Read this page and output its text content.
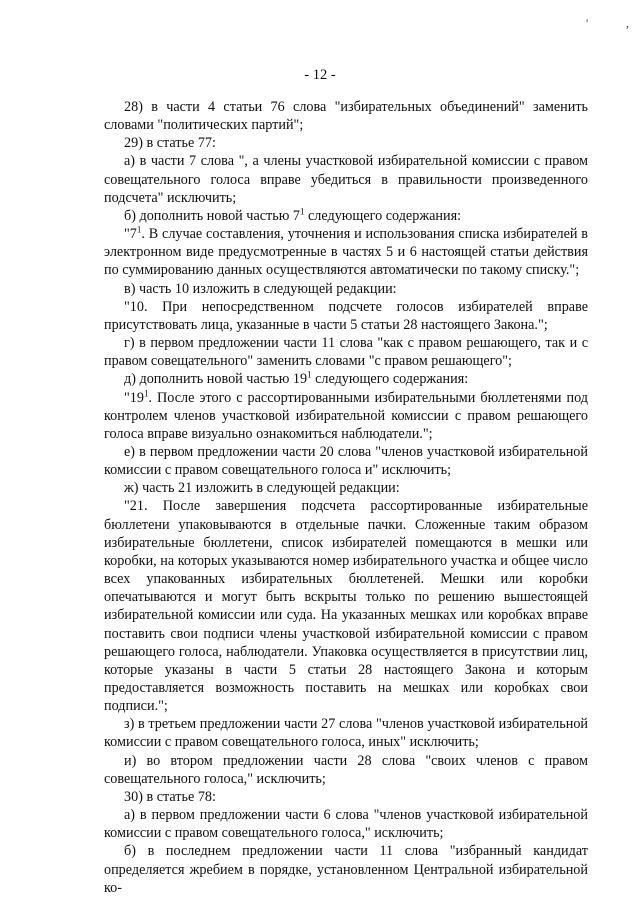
'	,
- 12 -

28) в части 4 статьи 76 слова "избирательных объединений" заменить словами "политических партий";

29) в статье 77:

а) в части 7 слова ", а члены участковой избирательной комиссии с правом совещательного голоса вправе убедиться в правильности произведенного подсчета" исключить;

б) дополнить новой частью $7^1$ следующего содержания:

"$7^1$. В случае составления, уточнения и использования списка избирателей в электронном виде предусмотренные в частях 5 и 6 настоящей статьи действия по суммированию данных осуществляются автоматически по такому списку.";

в) часть 10 изложить в следующей редакции:

"10. При непосредственном подсчете голосов избирателей вправе присутствовать лица, указанные в части 5 статьи 28 настоящего Закона.";

г) в первом предложении части 11 слова "как с правом решающего, так и с правом совещательного" заменить словами "с правом решающего";

д) дополнить новой частью $19^1$ следующего содержания:

"$19^1$. После этого с рассортированными избирательными бюллетенями под контролем членов участковой избирательной комиссии с правом решающего голоса вправе визуально ознакомиться наблюдатели.";

е) в первом предложении части 20 слова "членов участковой избирательной комиссии с правом совещательного голоса и" исключить;

ж) часть 21 изложить в следующей редакции:

"21. После завершения подсчета рассортированные избирательные бюллетени упаковываются в отдельные пачки. Сложенные таким образом избирательные бюллетени, список избирателей помещаются в мешки или коробки, на которых указываются номер избирательного участка и общее число всех упакованных избирательных бюллетеней. Мешки или коробки опечатываются и могут быть вскрыты только по решению вышестоящей избирательной комиссии или суда. На указанных мешках или коробках вправе поставить свои подписи члены участковой избирательной комиссии с правом решающего голоса, наблюдатели. Упаковка осуществляется в присутствии лиц, которые указаны в части 5 статьи 28 настоящего Закона и которым предоставляется возможность поставить на мешках или коробках свои подписи.";

з) в третьем предложении части 27 слова "членов участковой избирательной комиссии с правом совещательного голоса, иных" исключить;

и) во втором предложении части 28 слова "своих членов с правом совещательного голоса," исключить;

30) в статье 78:

а) в первом предложении части 6 слова "членов участковой избирательной комиссии с правом совещательного голоса," исключить;

б) в последнем предложении части 11 слова "избранный кандидат определяется жребием в порядке, установленном Центральной избирательной ко-
